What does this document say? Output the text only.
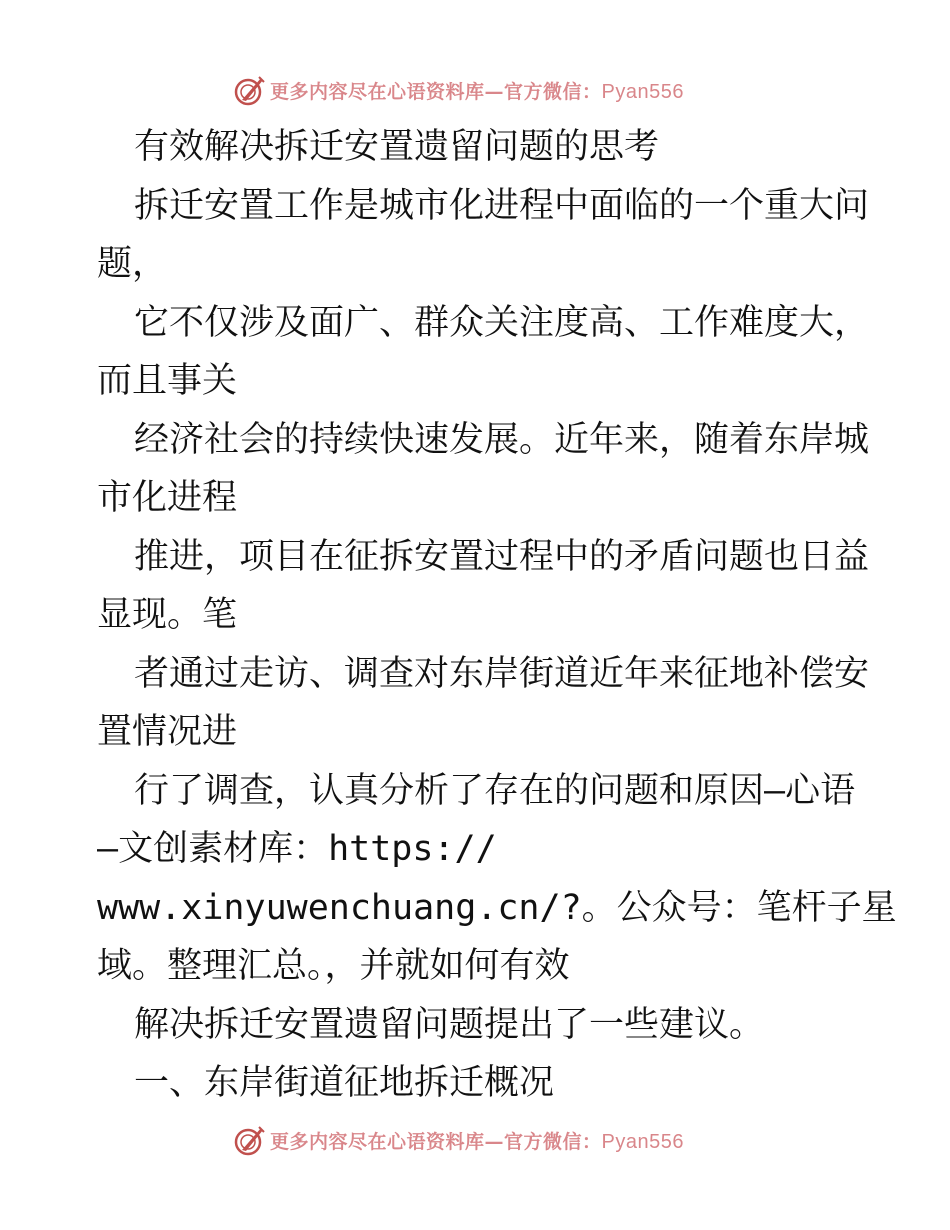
更多内容尽在心语资料库—官方微信：Pyan556
有效解决拆迁安置遗留问题的思考
拆迁安置工作是城市化进程中面临的一个重大问
题，
它不仅涉及面广、群众关注度高、工作难度大，
而且事关
经济社会的持续快速发展。近年来，随着东岸城
市化进程
推进，项目在征拆安置过程中的矛盾问题也日益
显现。笔
者通过走访、调查对东岸街道近年来征地补偿安
置情况进
行了调查，认真分析了存在的问题和原因—心语
—文创素材库：https://
www.xinyuwenchuang.cn/?。公众号：笔杆子星
域。整理汇总。，并就如何有效
解决拆迁安置遗留问题提出了一些建议。
一、东岸街道征地拆迁概况
更多内容尽在心语资料库—官方微信：Pyan556
